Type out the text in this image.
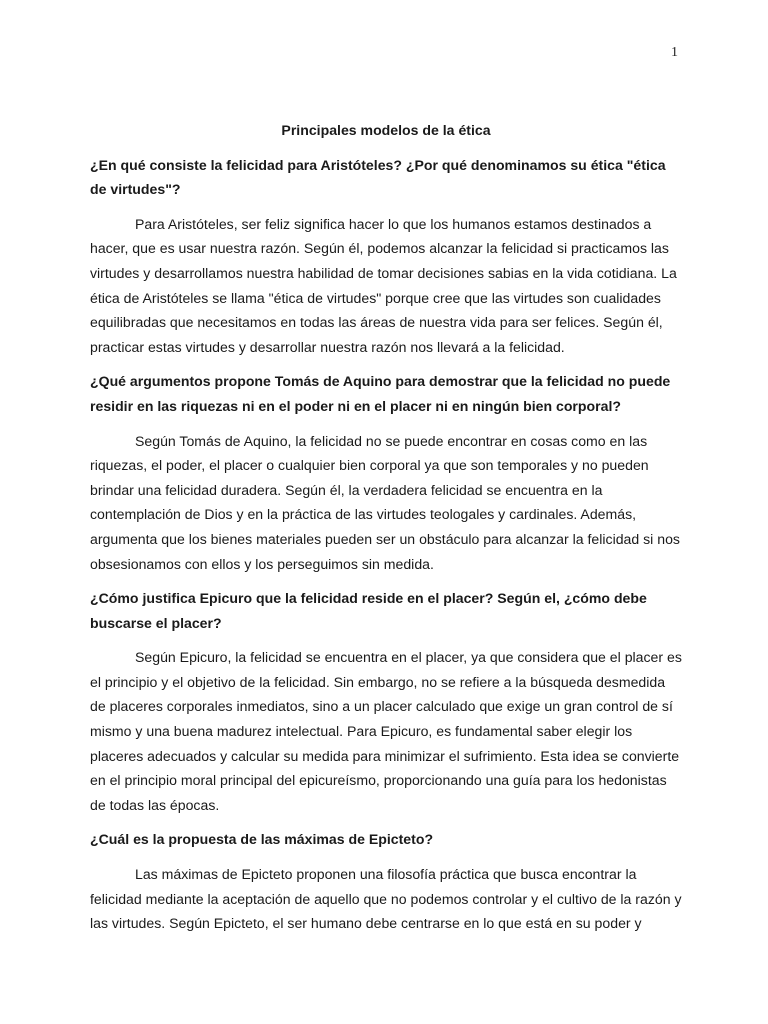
1
Principales modelos de la ética
¿En qué consiste la felicidad para Aristóteles? ¿Por qué denominamos su ética "ética de virtudes"?
Para Aristóteles, ser feliz significa hacer lo que los humanos estamos destinados a hacer, que es usar nuestra razón. Según él, podemos alcanzar la felicidad si practicamos las virtudes y desarrollamos nuestra habilidad de tomar decisiones sabias en la vida cotidiana. La ética de Aristóteles se llama "ética de virtudes" porque cree que las virtudes son cualidades equilibradas que necesitamos en todas las áreas de nuestra vida para ser felices. Según él, practicar estas virtudes y desarrollar nuestra razón nos llevará a la felicidad.
¿Qué argumentos propone Tomás de Aquino para demostrar que la felicidad no puede residir en las riquezas ni en el poder ni en el placer ni en ningún bien corporal?
Según Tomás de Aquino, la felicidad no se puede encontrar en cosas como en las riquezas, el poder, el placer o cualquier bien corporal ya que son temporales y no pueden brindar una felicidad duradera. Según él, la verdadera felicidad se encuentra en la contemplación de Dios y en la práctica de las virtudes teologales y cardinales. Además, argumenta que los bienes materiales pueden ser un obstáculo para alcanzar la felicidad si nos obsesionamos con ellos y los perseguimos sin medida.
¿Cómo justifica Epicuro que la felicidad reside en el placer? Según el, ¿cómo debe buscarse el placer?
Según Epicuro, la felicidad se encuentra en el placer, ya que considera que el placer es el principio y el objetivo de la felicidad. Sin embargo, no se refiere a la búsqueda desmedida de placeres corporales inmediatos, sino a un placer calculado que exige un gran control de sí mismo y una buena madurez intelectual. Para Epicuro, es fundamental saber elegir los placeres adecuados y calcular su medida para minimizar el sufrimiento. Esta idea se convierte en el principio moral principal del epicureísmo, proporcionando una guía para los hedonistas de todas las épocas.
¿Cuál es la propuesta de las máximas de Epicteto?
Las máximas de Epicteto proponen una filosofía práctica que busca encontrar la felicidad mediante la aceptación de aquello que no podemos controlar y el cultivo de la razón y las virtudes. Según Epicteto, el ser humano debe centrarse en lo que está en su poder y
